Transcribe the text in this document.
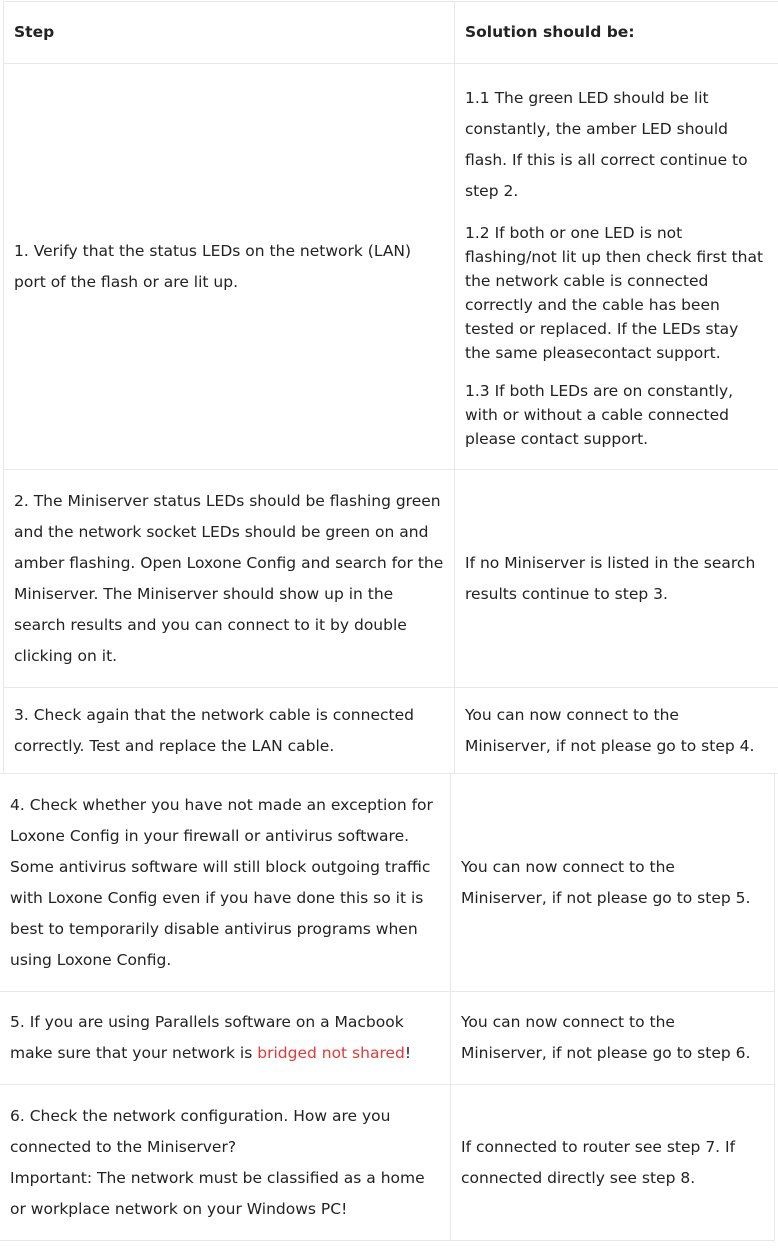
Step	Solution should be:
1. Verify that the status LEDs on the network (LAN) port of the flash or are lit up.	1.1 The green LED should be lit constantly, the amber LED should flash. If this is all correct continue to step 2.

1.2 If both or one LED is not flashing/not lit up then check first that the network cable is connected correctly and the cable has been tested or replaced. If the LEDs stay the same pleasecontact support.

1.3 If both LEDs are on constantly, with or without a cable connected please contact support.

2. The Miniserver status LEDs should be flashing green and the network socket LEDs should be green on and amber flashing. Open Loxone Config and search for the Miniserver. The Miniserver should show up in the search results and you can connect to it by double clicking on it.	If no Miniserver is listed in the search results continue to step 3.
3. Check again that the network cable is connected correctly. Test and replace the LAN cable.	You can now connect to the Miniserver, if not please go to step 4.
4. Check whether you have not made an exception for Loxone Config in your firewall or antivirus software. Some antivirus software will still block outgoing traffic with Loxone Config even if you have done this so it is best to temporarily disable antivirus programs when using Loxone Config.	You can now connect to the Miniserver, if not please go to step 5.
5. If you are using Parallels software on a Macbook make sure that your network is bridged not shared!	You can now connect to the Miniserver, if not please go to step 6.

6. Check the network configuration. How are you connected to the Miniserver?
Important: The network must be classified as a home or workplace network on your Windows PC!	If connected to router see step 7. If connected directly see step 8.
